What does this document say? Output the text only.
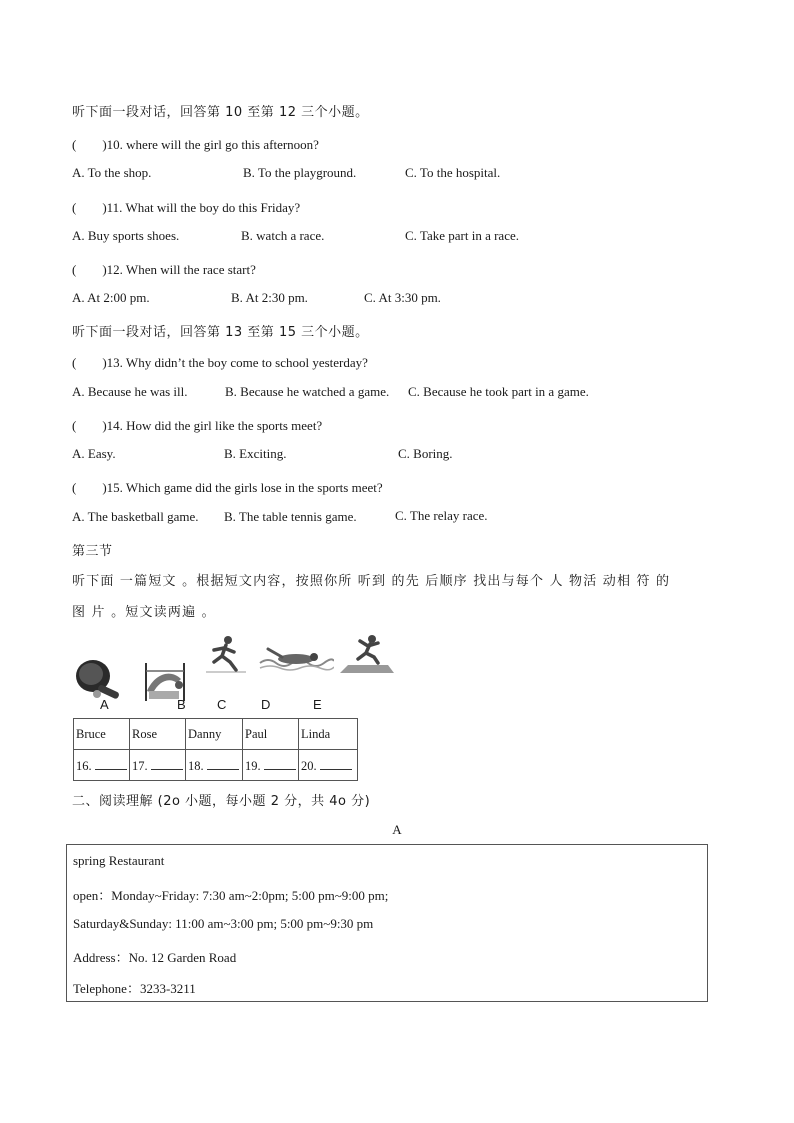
听下面一段对话，回答第 10 至第 12 三个小题。
(　　)10. where will the girl go this afternoon?
A. To the shop.	B. To the playground.	C. To the hospital.
(　　)11. What will the boy do this Friday?
A. Buy sports shoes.	B. watch a race.	C. Take part in a race.
(　　)12. When will the race start?
A. At 2:00 pm.	B. At 2:30 pm.	C. At 3:30 pm.
听下面一段对话，回答第 13 至第 15 三个小题。
(　　)13. Why didn’t the boy come to school yesterday?
A. Because he was ill.	B. Because he watched a game. C. Because he took part in a game.
(　　)14. How did the girl like the sports meet?
A. Easy.	B. Exciting.	C. Boring.
(　　)15. Which game did the girls lose in the sports meet?
A. The basketball game. B. The table tennis game.	C. The relay race.
第三节
听下面 一篇短文 。根据短文内容，按照你所 听到 的先 后顺序 找出与每个 人 物活 动相 符 的
图 片 。短文读两遍 。
A	B C	D	E
Bruce	Rose	Danny	Paul	Linda
16.	17.	18.	19.	20.
二、阅读理解 (2o 小题，每小题 2 分，共 4o 分)
A
spring Restaurant
open：Monday~Friday: 7:30 am~2:0pm; 5:00 pm~9:00 pm;
Saturday&Sunday: 11:00 am~3:00 pm; 5:00 pm~9:30 pm
Address：No. 12 Garden Road
Telephone：3233-3211
